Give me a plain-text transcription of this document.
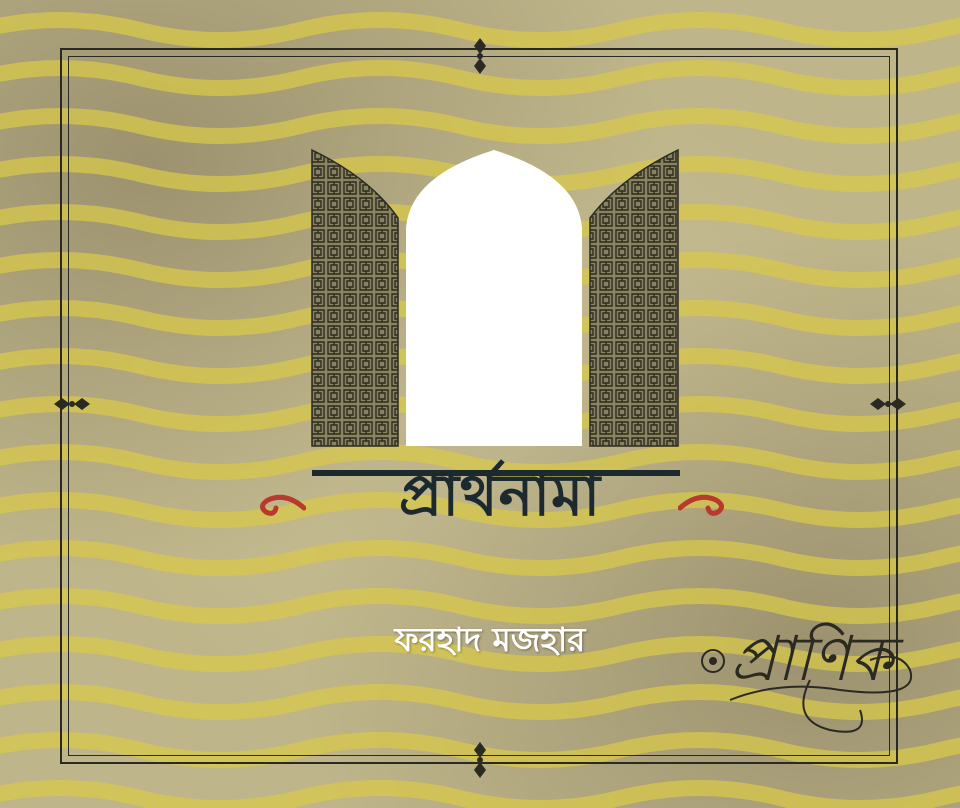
প্রার্থনামা
ফরহাদ মজহার	প্রাণিক
